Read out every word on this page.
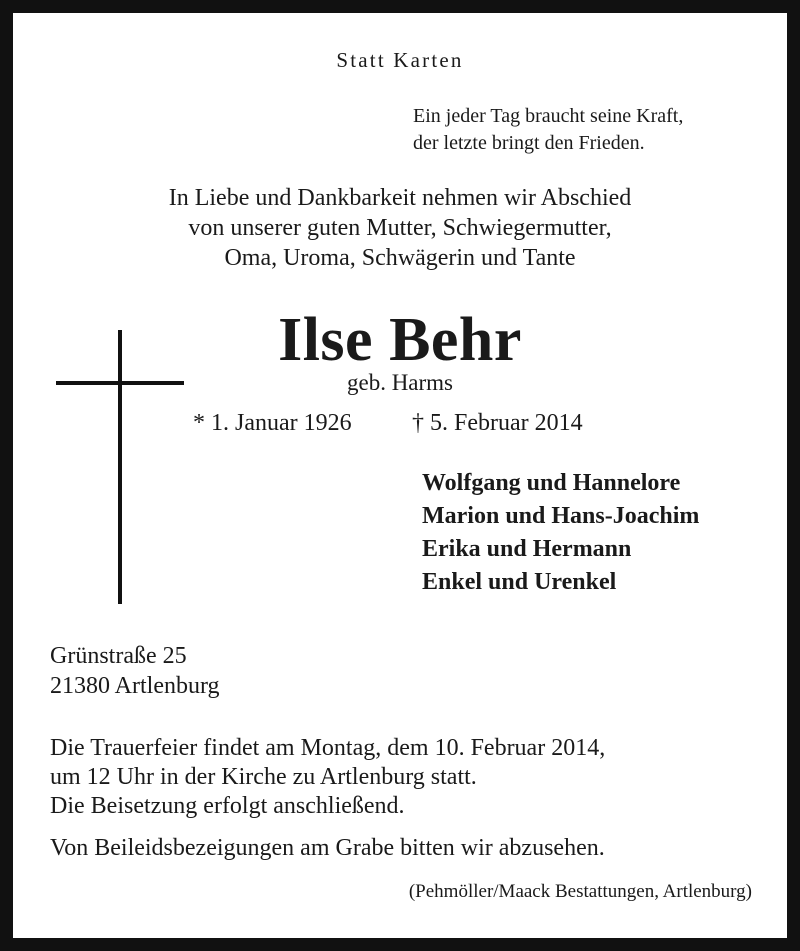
Statt Karten

Ein jeder Tag braucht seine Kraft,

der letzte bringt den Frieden.

In Liebe und Dankbarkeit nehmen wir Abschied

von unserer guten Mutter, Schwiegermutter,

Oma, Uroma, Schwägerin und Tante

Ilse Behr

geb. Harms

* 1. Januar 1926	† 5. Februar 2014

Wolfgang und Hannelore

Marion und Hans-Joachim

Erika und Hermann

Enkel und Urenkel

Grünstraße 25

21380 Artlenburg

Die Trauerfeier findet am Montag, dem 10. Februar 2014,

um 12 Uhr in der Kirche zu Artlenburg statt.

Die Beisetzung erfolgt anschließend.

Von Beileidsbezeigungen am Grabe bitten wir abzusehen.

(Pehmöller/Maack Bestattungen, Artlenburg)
